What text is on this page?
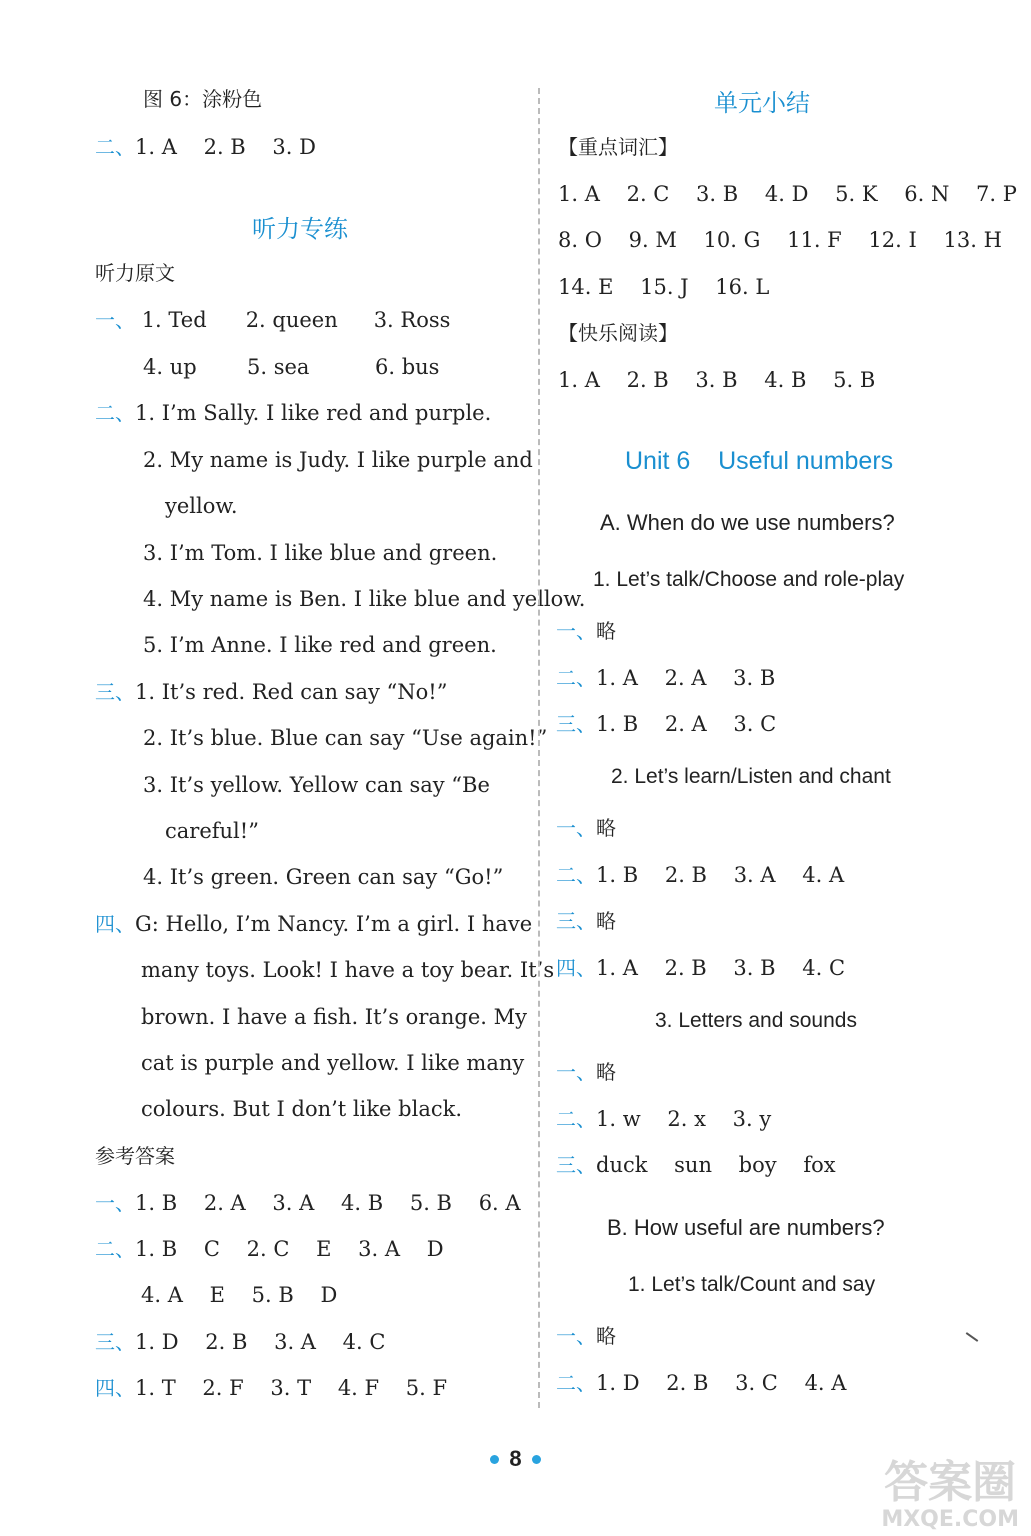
图 6：涂粉色
二、1. A    2. B    3. D
听力专练
听力原文
一、 1. Ted 2. queen 3. Ross
4. up 5. sea	6. bus
二、1. I’m Sally. I like red and purple.
2. My name is Judy. I like purple and
yellow.
3. I’m Tom. I like blue and green.
4. My name is Ben. I like blue and yellow.
5. I’m Anne. I like red and green.
三、1. It’s red. Red can say “No!”
2. It’s blue. Blue can say “Use again!”
3. It’s yellow. Yellow can say “Be
careful!”
4. It’s green. Green can say “Go!”
四、G: Hello, I’m Nancy. I’m a girl. I have
many toys. Look! I have a toy bear. It’s
brown. I have a fish. It’s orange. My
cat is purple and yellow. I like many
colours. But I don’t like black.
参考答案
一、1. B    2. A    3. A    4. B    5. B    6. A
二、1. B    C    2. C    E    3. A    D
4. A    E    5. B    D
三、1. D    2. B    3. A    4. C
四、1. T    2. F    3. T    4. F    5. F
单元小结
【重点词汇】
1. A    2. C    3. B    4. D    5. K    6. N    7. P
8. O    9. M    10. G    11. F    12. I    13. H
14. E    15. J    16. L
【快乐阅读】
1. A    2. B    3. B    4. B    5. B
Unit 6    Useful numbers
A. When do we use numbers?
1. Let’s talk/Choose and role-play
一、略
二、1. A    2. A    3. B
三、1. B    2. A    3. C
2. Let’s learn/Listen and chant
一、略
二、1. B    2. B    3. A    4. A
三、略
四、1. A    2. B    3. B    4. C
3. Letters and sounds
一、略
二、1. w    2. x    3. y
三、duck    sun    boy    fox
B. How useful are numbers?
1. Let’s talk/Count and say
一、略
二、1. D    2. B    3. C    4. A
8	答案圈
MXQE.COM
